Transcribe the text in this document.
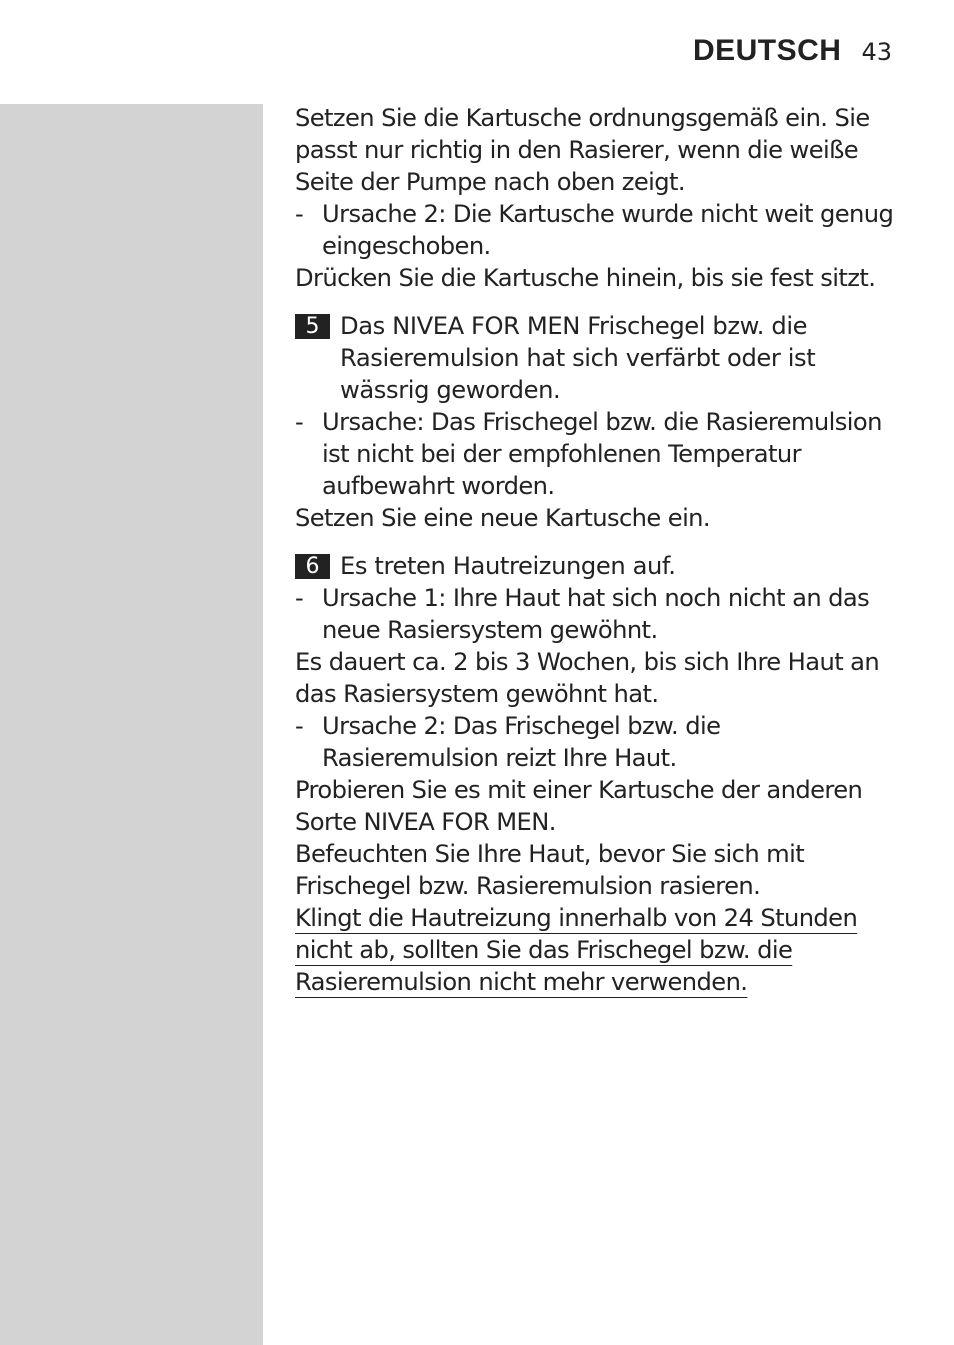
DEUTSCH 43

Setzen Sie die Kartusche ordnungsgemäß ein. Sie passt nur richtig in den Rasierer, wenn die weiße Seite der Pumpe nach oben zeigt.

- Ursache 2: Die Kartusche wurde nicht weit genug eingeschoben.

Drücken Sie die Kartusche hinein, bis sie fest sitzt.

5 Das NIVEA FOR MEN Frischegel bzw. die Rasieremulsion hat sich verfärbt oder ist wässrig geworden.
- Ursache: Das Frischegel bzw. die Rasieremulsion ist nicht bei der empfohlenen Temperatur aufbewahrt worden.

Setzen Sie eine neue Kartusche ein.

6 Es treten Hautreizungen auf.
- Ursache 1: Ihre Haut hat sich noch nicht an das neue Rasiersystem gewöhnt.

Es dauert ca. 2 bis 3 Wochen, bis sich Ihre Haut an das Rasiersystem gewöhnt hat.

- Ursache 2: Das Frischegel bzw. die Rasieremulsion reizt Ihre Haut.

Probieren Sie es mit einer Kartusche der anderen Sorte NIVEA FOR MEN.

Befeuchten Sie Ihre Haut, bevor Sie sich mit Frischegel bzw. Rasieremulsion rasieren.

Klingt die Hautreizung innerhalb von 24 Stunden nicht ab, sollten Sie das Frischegel bzw. die Rasieremulsion nicht mehr verwenden.
